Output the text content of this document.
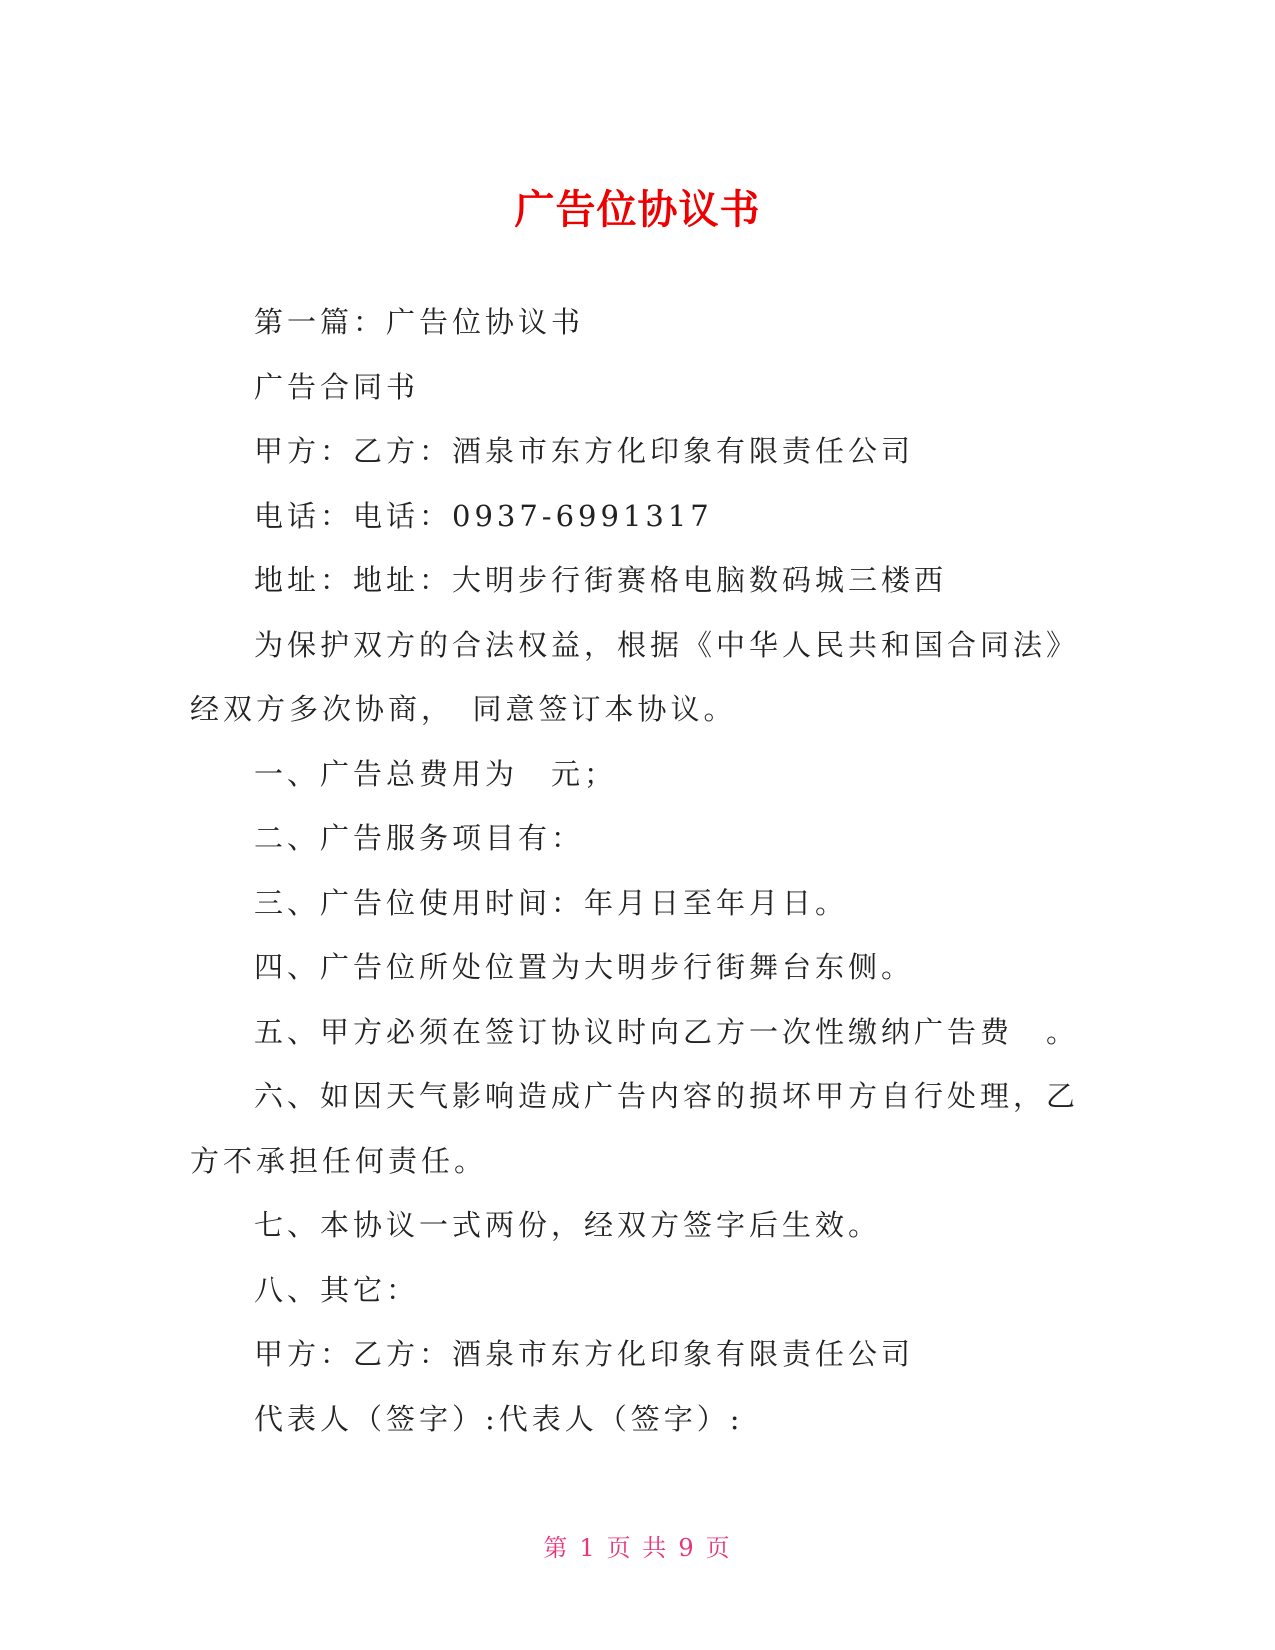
广告位协议书

第一篇：广告位协议书

广告合同书

甲方：乙方：酒泉市东方化印象有限责任公司

电话：电话：0937-6991317

地址：地址：大明步行街赛格电脑数码城三楼西

为保护双方的合法权益，根据《中华人民共和国合同法》经双方多次协商，　同意签订本协议。

一、广告总费用为　元；

二、广告服务项目有：

三、广告位使用时间：年月日至年月日。

四、广告位所处位置为大明步行街舞台东侧。

五、甲方必须在签订协议时向乙方一次性缴纳广告费　。

六、如因天气影响造成广告内容的损坏甲方自行处理，乙方不承担任何责任。

七、本协议一式两份，经双方签字后生效。

八、其它：

甲方：乙方：酒泉市东方化印象有限责任公司

代表人（签字）:代表人（签字）:

第 1 页 共 9 页
